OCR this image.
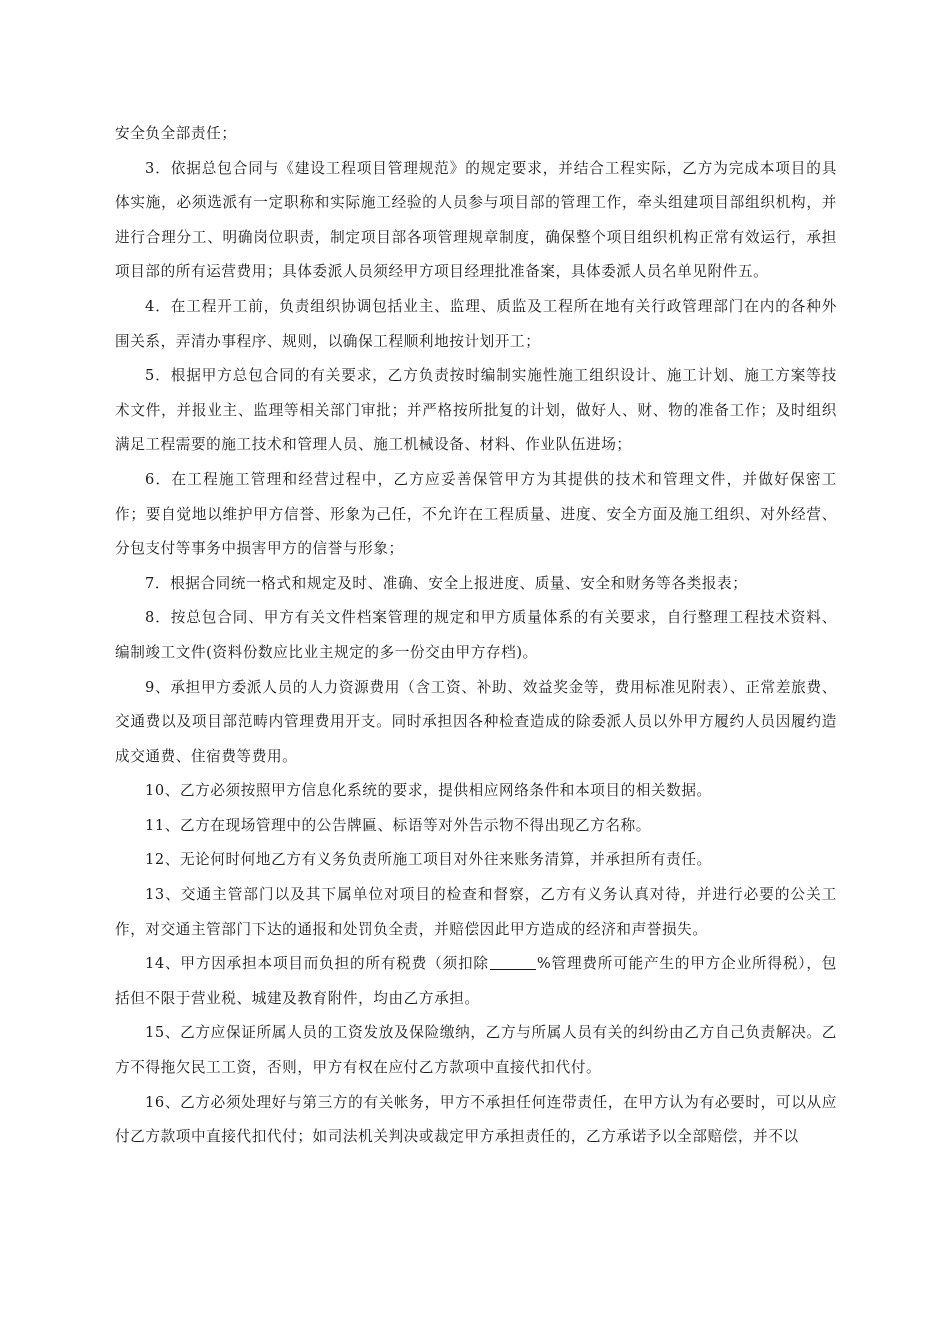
安全负全部责任；

3．依据总包合同与《建设工程项目管理规范》的规定要求，并结合工程实际，乙方为完成本项目的具体实施，必须选派有一定职称和实际施工经验的人员参与项目部的管理工作，牵头组建项目部组织机构，并进行合理分工、明确岗位职责，制定项目部各项管理规章制度，确保整个项目组织机构正常有效运行，承担项目部的所有运营费用；具体委派人员须经甲方项目经理批准备案，具体委派人员名单见附件五。

4．在工程开工前，负责组织协调包括业主、监理、质监及工程所在地有关行政管理部门在内的各种外围关系，弄清办事程序、规则，以确保工程顺利地按计划开工；

5．根据甲方总包合同的有关要求，乙方负责按时编制实施性施工组织设计、施工计划、施工方案等技术文件，并报业主、监理等相关部门审批；并严格按所批复的计划，做好人、财、物的准备工作；及时组织满足工程需要的施工技术和管理人员、施工机械设备、材料、作业队伍进场；

6．在工程施工管理和经营过程中，乙方应妥善保管甲方为其提供的技术和管理文件，并做好保密工作；要自觉地以维护甲方信誉、形象为己任，不允许在工程质量、进度、安全方面及施工组织、对外经营、分包支付等事务中损害甲方的信誉与形象；

7．根据合同统一格式和规定及时、准确、安全上报进度、质量、安全和财务等各类报表；

8．按总包合同、甲方有关文件档案管理的规定和甲方质量体系的有关要求，自行整理工程技术资料、编制竣工文件(资料份数应比业主规定的多一份交由甲方存档)。

9、承担甲方委派人员的人力资源费用（含工资、补助、效益奖金等，费用标准见附表）、正常差旅费、交通费以及项目部范畴内管理费用开支。同时承担因各种检查造成的除委派人员以外甲方履约人员因履约造成交通费、住宿费等费用。

10、乙方必须按照甲方信息化系统的要求，提供相应网络条件和本项目的相关数据。

11、乙方在现场管理中的公告牌匾、标语等对外告示物不得出现乙方名称。

12、无论何时何地乙方有义务负责所施工项目对外往来账务清算，并承担所有责任。

13、交通主管部门以及其下属单位对项目的检查和督察，乙方有义务认真对待，并进行必要的公关工作，对交通主管部门下达的通报和处罚负全责，并赔偿因此甲方造成的经济和声誉损失。

14、甲方因承担本项目而负担的所有税费（须扣除	%管理费所可能产生的甲方企业所得税），包括但不限于营业税、城建及教育附件，均由乙方承担。

15、乙方应保证所属人员的工资发放及保险缴纳，乙方与所属人员有关的纠纷由乙方自己负责解决。乙方不得拖欠民工工资，否则，甲方有权在应付乙方款项中直接代扣代付。

16、乙方必须处理好与第三方的有关帐务，甲方不承担任何连带责任，在甲方认为有必要时，可以从应付乙方款项中直接代扣代付；如司法机关判决或裁定甲方承担责任的，乙方承诺予以全部赔偿，并不以
